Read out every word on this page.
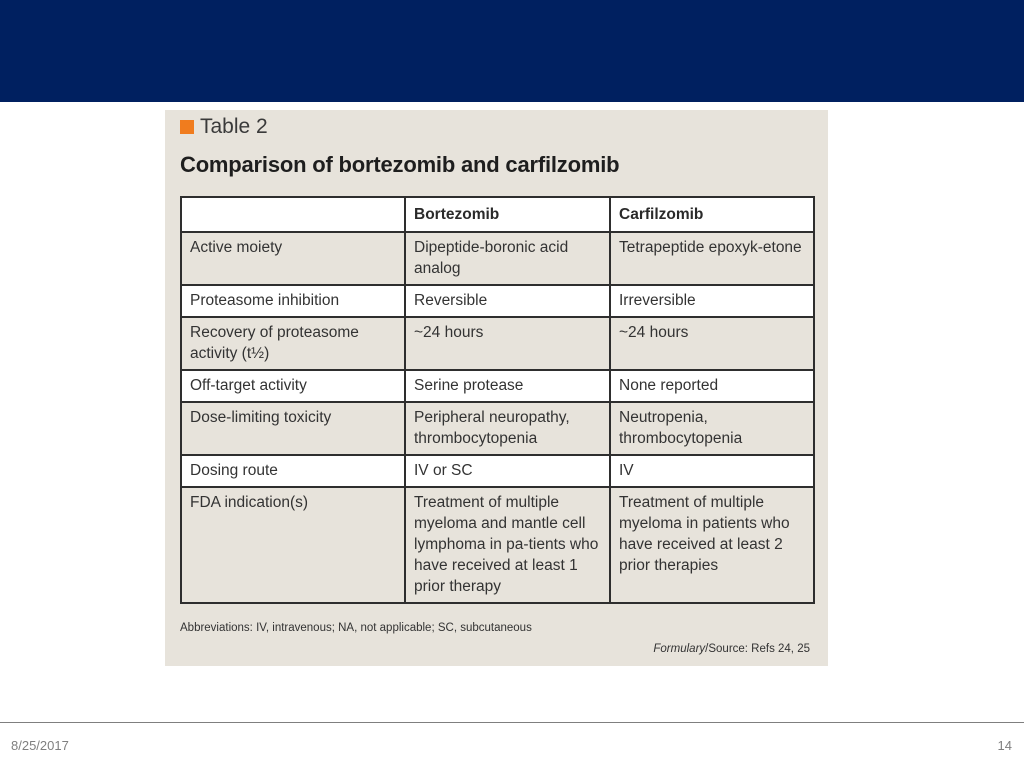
Table 2
Comparison of bortezomib and carfilzomib
	Bortezomib	Carfilzomib
Active moiety	Dipeptide-boronic acid analog	Tetrapeptide epoxyk-etone
Proteasome inhibition	Reversible	Irreversible
Recovery of proteasome activity (t½)	~24 hours	~24 hours
Off-target activity	Serine protease	None reported
Dose-limiting toxicity	Peripheral neuropathy, thrombocytopenia	Neutropenia, thrombocytopenia
Dosing route	IV or SC	IV
FDA indication(s)	Treatment of multiple myeloma and mantle cell lymphoma in pa-tients who have received at least 1 prior therapy	Treatment of multiple myeloma in patients who have received at least 2 prior therapies
Abbreviations: IV, intravenous; NA, not applicable; SC, subcutaneous
Formulary/Source: Refs 24, 25
8/25/2017	14
